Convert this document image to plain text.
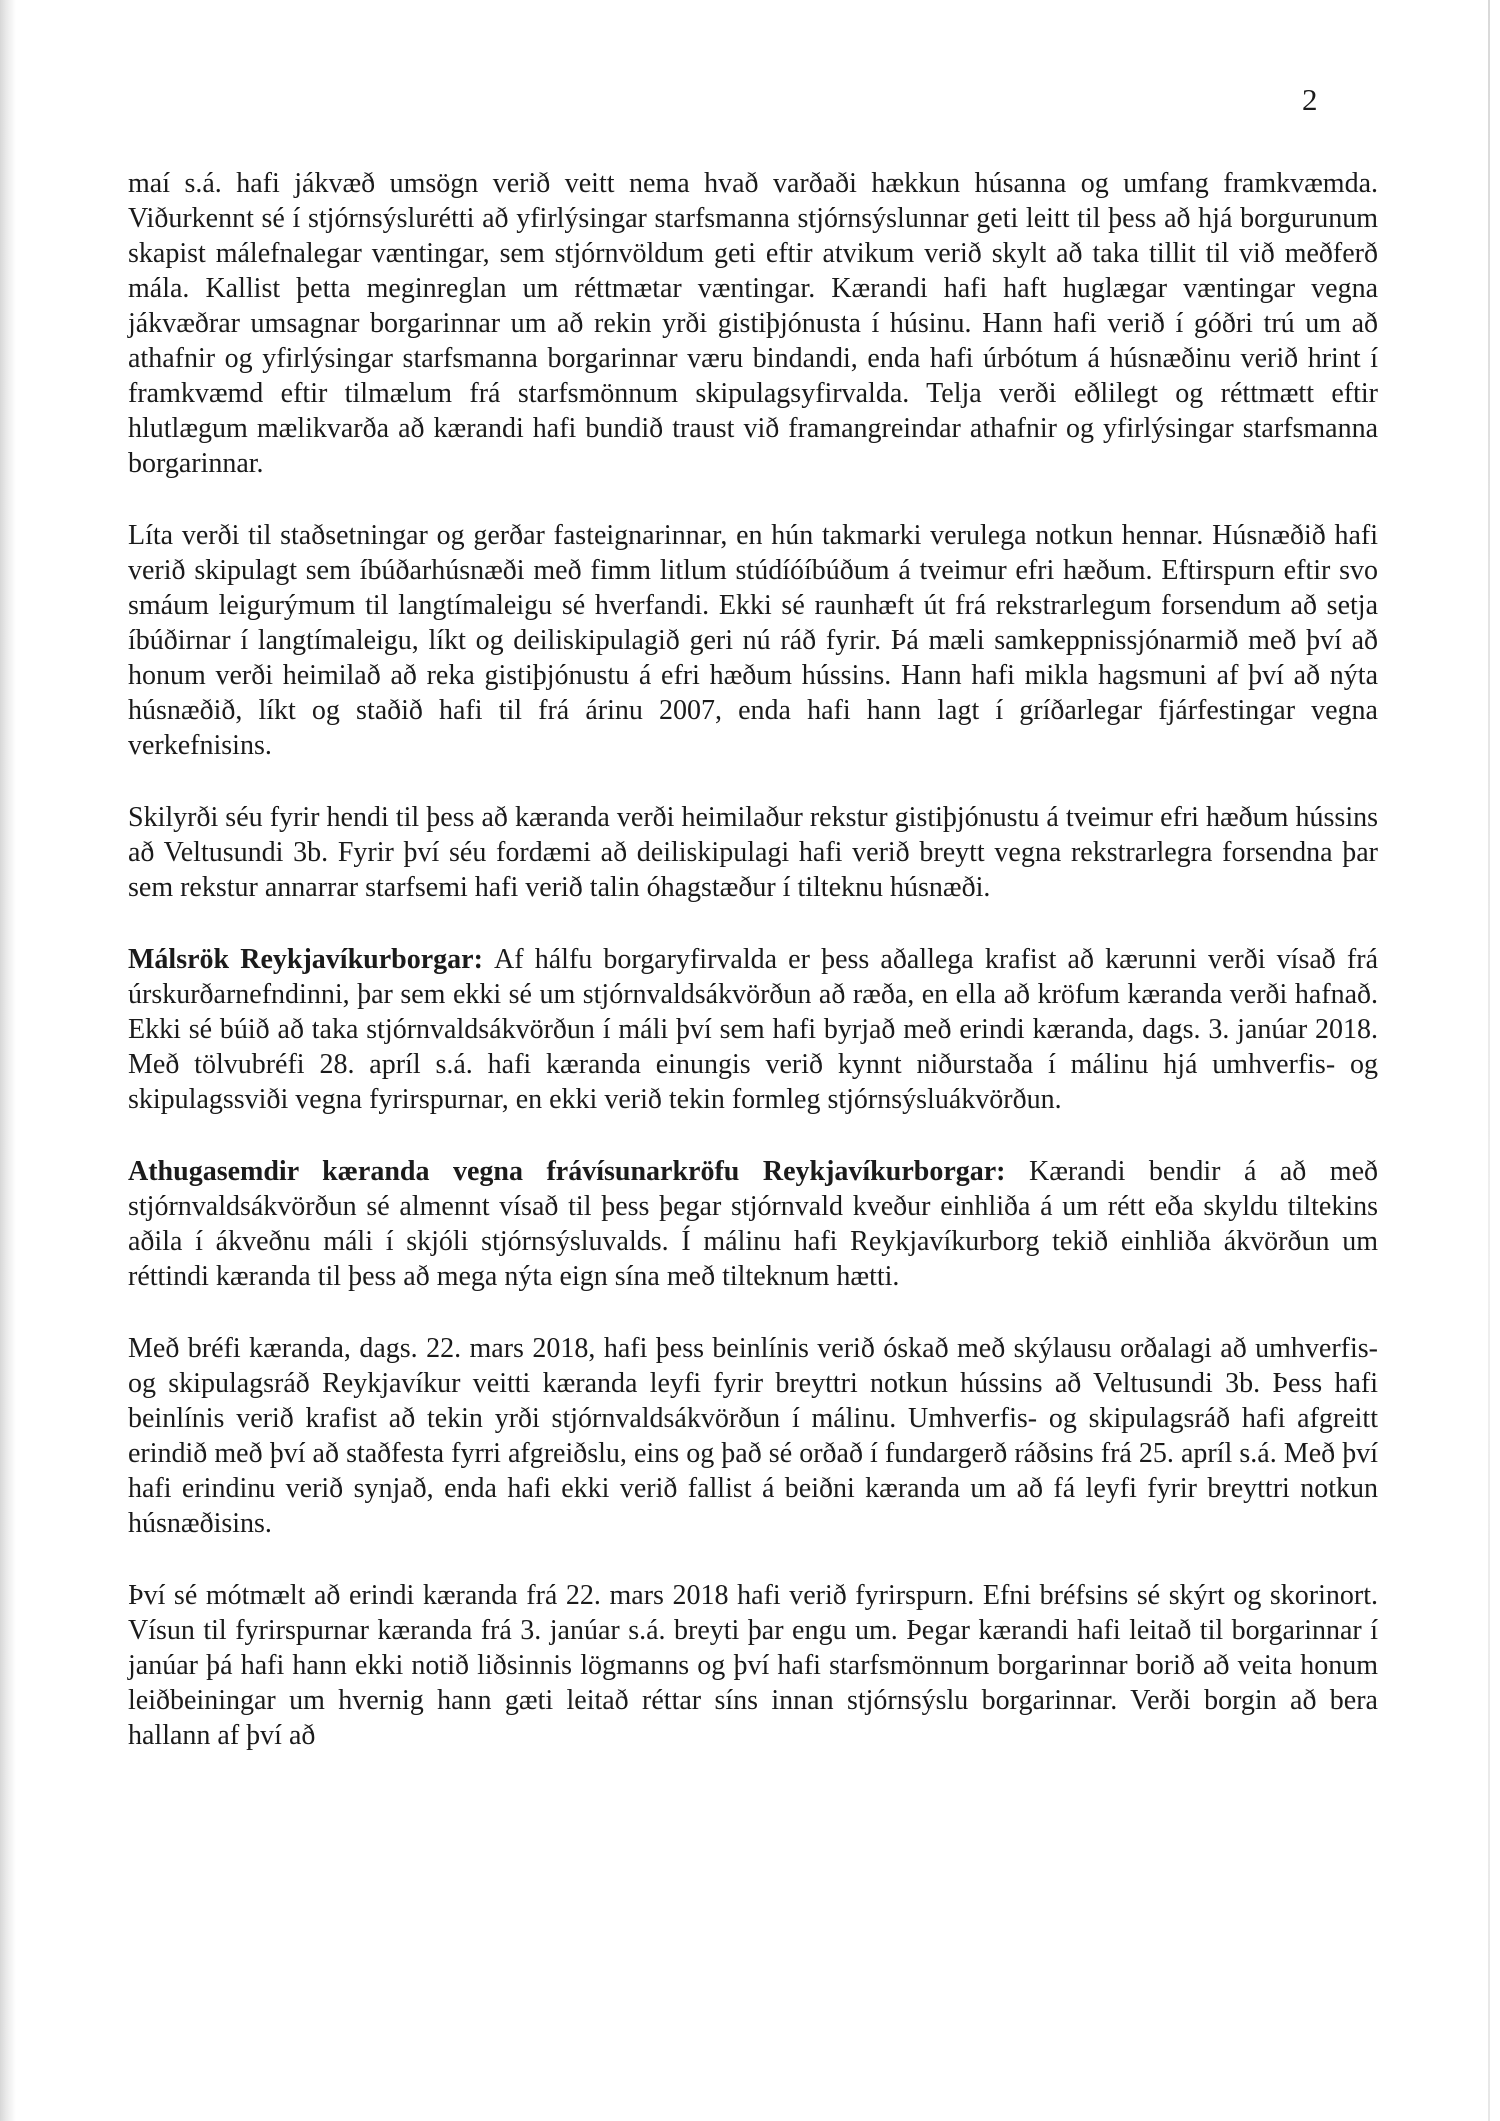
2

maí s.á. hafi jákvæð umsögn verið veitt nema hvað varðaði hækkun húsanna og umfang framkvæmda. Viðurkennt sé í stjórnsýslurétti að yfirlýsingar starfsmanna stjórnsýslunnar geti leitt til þess að hjá borgurunum skapist málefnalegar væntingar, sem stjórnvöldum geti eftir atvikum verið skylt að taka tillit til við meðferð mála. Kallist þetta meginreglan um réttmætar væntingar. Kærandi hafi haft huglægar væntingar vegna jákvæðrar umsagnar borgarinnar um að rekin yrði gistiþjónusta í húsinu. Hann hafi verið í góðri trú um að athafnir og yfirlýsingar starfsmanna borgarinnar væru bindandi, enda hafi úrbótum á húsnæðinu verið hrint í framkvæmd eftir tilmælum frá starfsmönnum skipulagsyfirvalda. Telja verði eðlilegt og réttmætt eftir hlutlægum mælikvarða að kærandi hafi bundið traust við framangreindar athafnir og yfirlýsingar starfsmanna borgarinnar.

Líta verði til staðsetningar og gerðar fasteignarinnar, en hún takmarki verulega notkun hennar. Húsnæðið hafi verið skipulagt sem íbúðarhúsnæði með fimm litlum stúdíóíbúðum á tveimur efri hæðum. Eftirspurn eftir svo smáum leigurýmum til langtímaleigu sé hverfandi. Ekki sé raunhæft út frá rekstrarlegum forsendum að setja íbúðirnar í langtímaleigu, líkt og deiliskipulagið geri nú ráð fyrir. Þá mæli samkeppnissjónarmið með því að honum verði heimilað að reka gistiþjónustu á efri hæðum hússins. Hann hafi mikla hagsmuni af því að nýta húsnæðið, líkt og staðið hafi til frá árinu 2007, enda hafi hann lagt í gríðarlegar fjárfestingar vegna verkefnisins.

Skilyrði séu fyrir hendi til þess að kæranda verði heimilaður rekstur gistiþjónustu á tveimur efri hæðum hússins að Veltusundi 3b. Fyrir því séu fordæmi að deiliskipulagi hafi verið breytt vegna rekstrarlegra forsendna þar sem rekstur annarrar starfsemi hafi verið talin óhagstæður í tilteknu húsnæði.

Málsrök Reykjavíkurborgar: Af hálfu borgaryfirvalda er þess aðallega krafist að kærunni verði vísað frá úrskurðarnefndinni, þar sem ekki sé um stjórnvaldsákvörðun að ræða, en ella að kröfum kæranda verði hafnað. Ekki sé búið að taka stjórnvaldsákvörðun í máli því sem hafi byrjað með erindi kæranda, dags. 3. janúar 2018. Með tölvubréfi 28. apríl s.á. hafi kæranda einungis verið kynnt niðurstaða í málinu hjá umhverfis- og skipulagssviði vegna fyrirspurnar, en ekki verið tekin formleg stjórnsýsluákvörðun.

Athugasemdir kæranda vegna frávísunarkröfu Reykjavíkurborgar: Kærandi bendir á að með stjórnvaldsákvörðun sé almennt vísað til þess þegar stjórnvald kveður einhliða á um rétt eða skyldu tiltekins aðila í ákveðnu máli í skjóli stjórnsýsluvalds. Í málinu hafi Reykjavíkurborg tekið einhliða ákvörðun um réttindi kæranda til þess að mega nýta eign sína með tilteknum hætti.

Með bréfi kæranda, dags. 22. mars 2018, hafi þess beinlínis verið óskað með skýlausu orðalagi að umhverfis- og skipulagsráð Reykjavíkur veitti kæranda leyfi fyrir breyttri notkun hússins að Veltusundi 3b. Þess hafi beinlínis verið krafist að tekin yrði stjórnvaldsákvörðun í málinu. Umhverfis- og skipulagsráð hafi afgreitt erindið með því að staðfesta fyrri afgreiðslu, eins og það sé orðað í fundargerð ráðsins frá 25. apríl s.á. Með því hafi erindinu verið synjað, enda hafi ekki verið fallist á beiðni kæranda um að fá leyfi fyrir breyttri notkun húsnæðisins.

Því sé mótmælt að erindi kæranda frá 22. mars 2018 hafi verið fyrirspurn. Efni bréfsins sé skýrt og skorinort. Vísun til fyrirspurnar kæranda frá 3. janúar s.á. breyti þar engu um. Þegar kærandi hafi leitað til borgarinnar í janúar þá hafi hann ekki notið liðsinnis lögmanns og því hafi starfsmönnum borgarinnar borið að veita honum leiðbeiningar um hvernig hann gæti leitað réttar síns innan stjórnsýslu borgarinnar. Verði borgin að bera hallann af því að
